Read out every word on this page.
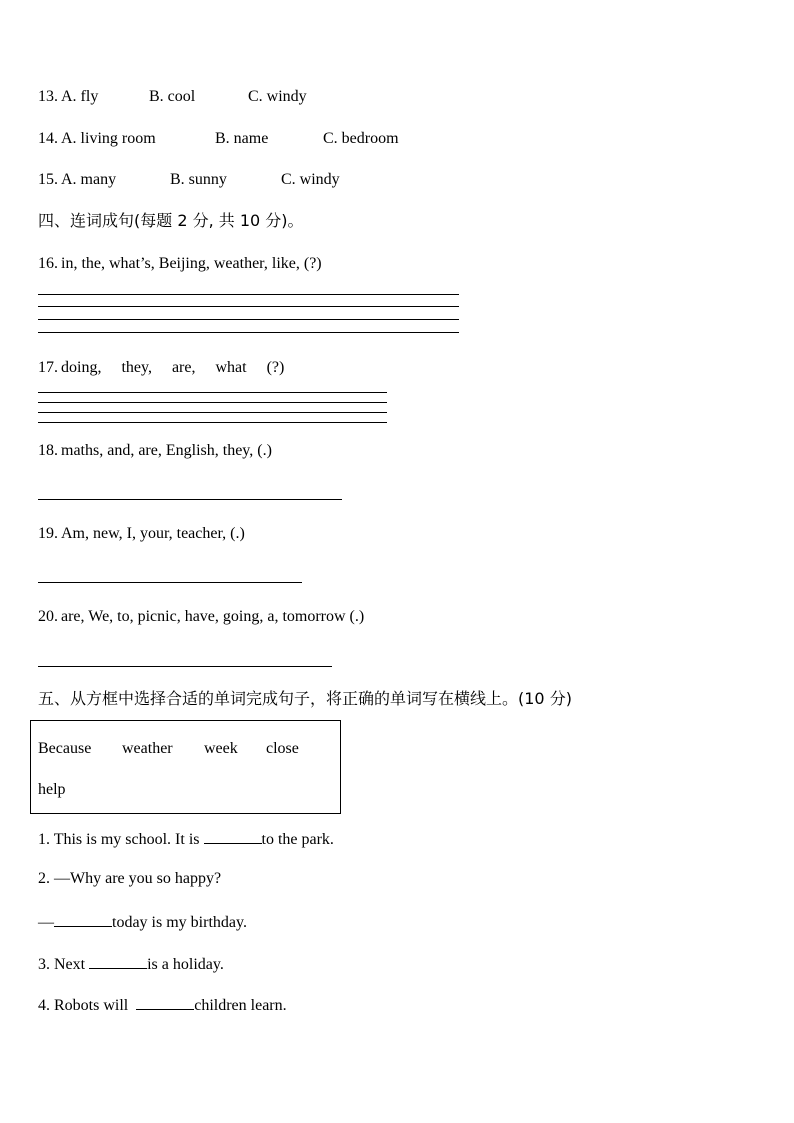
13. A. fly	B. cool	C. windy
14. A. living room	B. name	C. bedroom
15. A. many	B. sunny	C. windy
四、连词成句(每题 2 分, 共 10 分)。
16. in, the, what’s, Beijing, weather, like, (?)
17. doing,     they,     are,     what     (?)
18. maths, and, are, English, they, (.)
19. Am, new, I, your, teacher, (.)
20. are, We, to, picnic, have, going, a, tomorrow (.)
五、从方框中选择合适的单词完成句子，将正确的单词写在横线上。(10 分)
Because weather week close
help
1. This is my school. It is	to the park.
2. —Why are you so happy?
—	today is my birthday.
3. Next	is a holiday.
4. Robots will	children learn.
